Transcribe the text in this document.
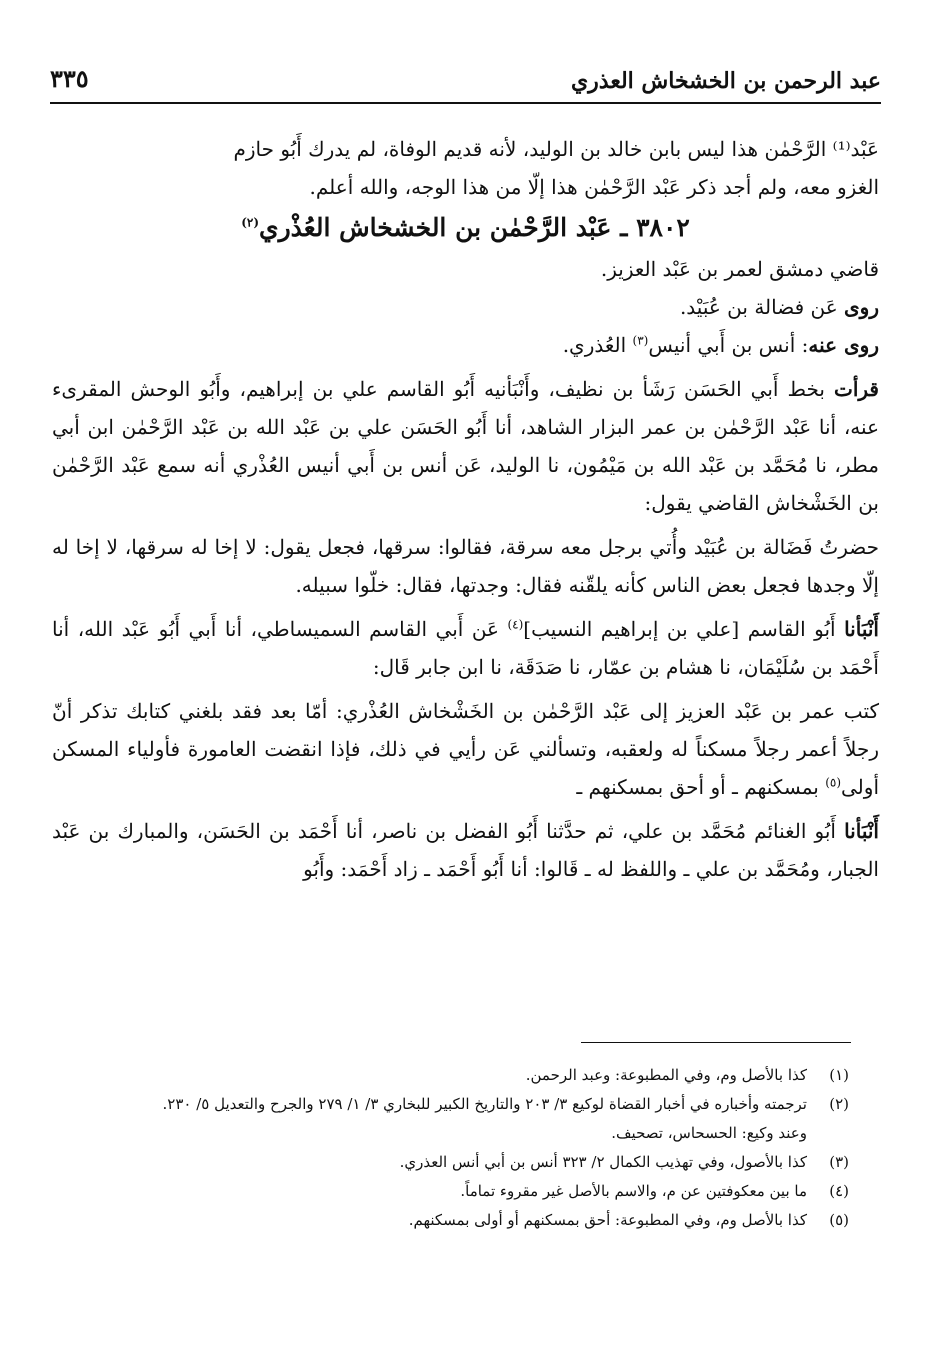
عبد الرحمن بن الخشخاش العذري
٣٣٥

عَبْد⁽¹⁾ الرَّحْمٰن هذا ليس بابن خالد بن الوليد، لأنه قديم الوفاة، لم يدرك أَبُو حازم

الغزو معه، ولم أجد ذكر عَبْد الرَّحْمٰن هذا إلّا من هذا الوجه، والله أعلم.

٣٨٠٢ ـ عَبْد الرَّحْمٰن بن الخشخاش العُذْري$^{(٢)}$

قاضي دمشق لعمر بن عَبْد العزيز.

روى عَن فضالة بن عُبَيْد.

روى عنه: أنس بن أَبي أنيس$^{(٣)}$ العُذري.

قرأت بخط أَبي الحَسَن رَشَأ بن نظيف، وأَنْبَأنيه أَبُو القاسم علي بن إبراهيم، وأَبُو الوحش المقرىء عنه، أنا عَبْد الرَّحْمٰن بن عمر البزار الشاهد، أنا أَبُو الحَسَن علي بن عَبْد الله بن عَبْد الرَّحْمٰن ابن أبي مطر، نا مُحَمَّد بن عَبْد الله بن مَيْمُون، نا الوليد، عَن أنس بن أَبي أنيس العُذْري أنه سمع عَبْد الرَّحْمٰن بن الخَشْخاش القاضي يقول:

حضرتُ فَضَالة بن عُبَيْد وأُتي برجل معه سرقة، فقالوا: سرقها، فجعل يقول: لا إخا له سرقها، لا إخا له إلّا وجدها فجعل بعض الناس كأنه يلقّنه فقال: وجدتها، فقال: خلّوا سبيله.

أَنْبَأنا أَبُو القاسم [علي بن إبراهيم النسيب]$^{(٤)}$ عَن أَبي القاسم السميساطي، أنا أَبي أَبُو عَبْد الله، أنا أَحْمَد بن سُلَيْمَان، نا هشام بن عمّار، نا صَدَقَة، نا ابن جابر قَال:

كتب عمر بن عَبْد العزيز إلى عَبْد الرَّحْمٰن بن الخَشْخاش العُذْري: أمّا بعد فقد بلغني كتابك تذكر أنّ رجلاً أعمر رجلاً مسكناً له ولعقبه، وتسألني عَن رأيي في ذلك، فإذا انقضت العامورة فأولياء المسكن أولى$^{(٥)}$ بمسكنهم ـ أو أحق بمسكنهم ـ

أَنْبَأنا أَبُو الغنائم مُحَمَّد بن علي، ثم حدَّثنا أَبُو الفضل بن ناصر، أنا أَحْمَد بن الحَسَن، والمبارك بن عَبْد الجبار، ومُحَمَّد بن علي ـ واللفظ له ـ قَالوا: أنا أَبُو أَحْمَد ـ زاد أَحْمَد: وأَبُو

(١)
كذا بالأصل وم، وفي المطبوعة: وعبد الرحمن.

(٢)
ترجمته وأخباره في أخبار القضاة لوكيع ٣/ ٢٠٣ والتاريخ الكبير للبخاري ٣/ ١/ ٢٧٩ والجرح والتعديل ٥/ ٢٣٠.

وعند وكيع: الحسحاس، تصحيف.

(٣)
كذا بالأصول، وفي تهذيب الكمال ٢/ ٣٢٣ أنس بن أبي أنس العذري.

(٤)
ما بين معكوفتين عن م، والاسم بالأصل غير مقروء تماماً.

(٥)
كذا بالأصل وم، وفي المطبوعة: أحق بمسكنهم أو أولى بمسكنهم.
